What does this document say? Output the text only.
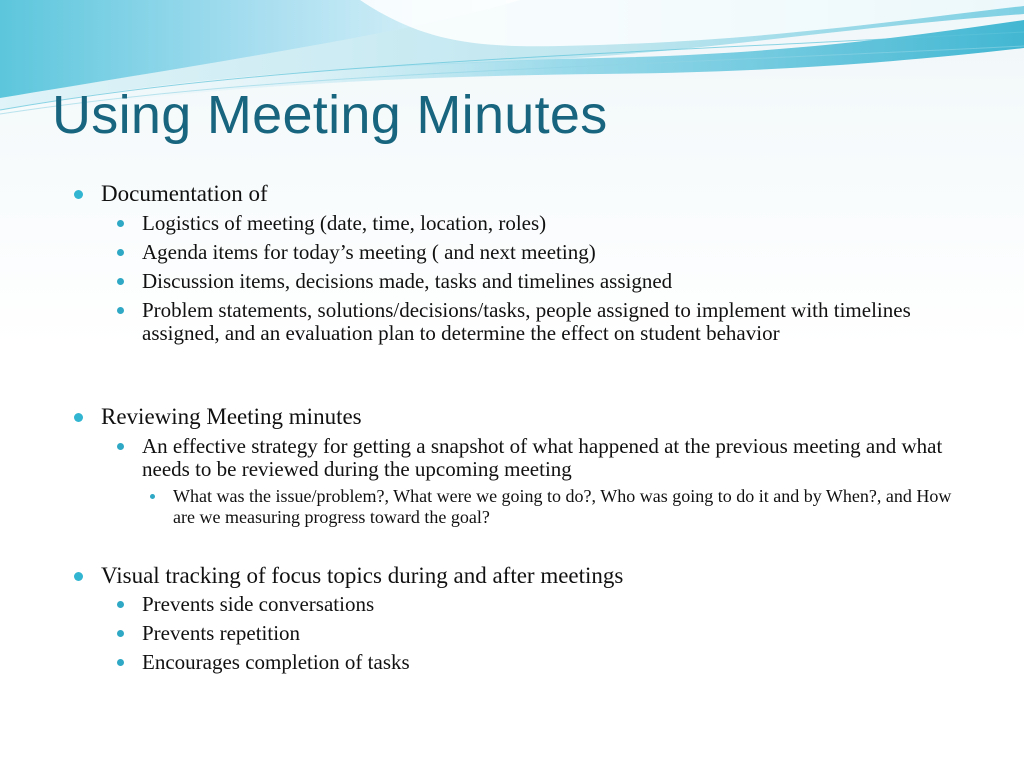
Using Meeting Minutes
Documentation of
Logistics of meeting (date, time, location, roles)
Agenda items for today’s meeting ( and next meeting)
Discussion items, decisions made, tasks and timelines assigned
Problem statements, solutions/decisions/tasks, people assigned to implement with timelines assigned, and an evaluation plan to determine the effect on student behavior
Reviewing Meeting minutes
An effective strategy for getting a snapshot of what happened at the previous meeting and what needs to be reviewed during the upcoming meeting
What was the issue/problem?, What were we going to do?, Who was going to do it and by When?, and How are we measuring progress toward the goal?
Visual tracking of focus topics during and after meetings
Prevents side conversations
Prevents repetition
Encourages completion of tasks
